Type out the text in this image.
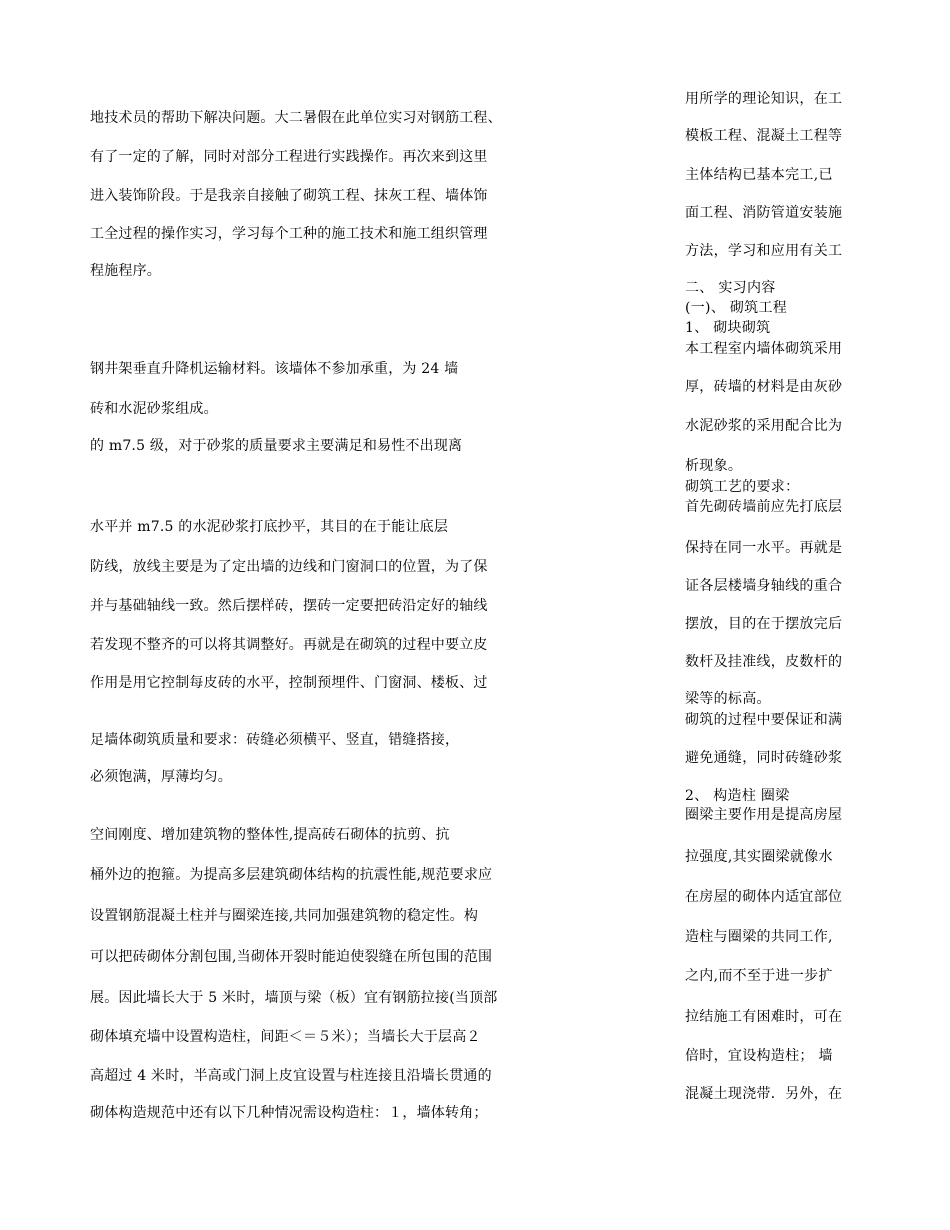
地技术员的帮助下解决问题。大二暑假在此单位实习对钢筋工程、
有了一定的了解，同时对部分工程进行实践操作。再次来到这里
进入装饰阶段。于是我亲自接触了砌筑工程、抹灰工程、墙体饰
工全过程的操作实习，学习每个工种的施工技术和施工组织管理
程施程序。
钢井架垂直升降机运输材料。该墙体不参加承重，为 24 墙
砖和水泥砂浆组成。
的 m7.5 级，对于砂浆的质量要求主要满足和易性不出现离
水平并 m7.5 的水泥砂浆打底抄平，其目的在于能让底层
防线，放线主要是为了定出墙的边线和门窗洞口的位置，为了保
并与基础轴线一致。然后摆样砖，摆砖一定要把砖沿定好的轴线
若发现不整齐的可以将其调整好。再就是在砌筑的过程中要立皮
作用是用它控制每皮砖的水平，控制预埋件、门窗洞、楼板、过
足墙体砌筑质量和要求：砖缝必须横平、竖直，错缝搭接，
必须饱满，厚薄均匀。
空间刚度、增加建筑物的整体性,提高砖石砌体的抗剪、抗
桶外边的抱箍。为提高多层建筑砌体结构的抗震性能,规范要求应
设置钢筋混凝土柱并与圈梁连接,共同加强建筑物的稳定性。构
可以把砖砌体分割包围,当砌体开裂时能迫使裂缝在所包围的范围
展。因此墙长大于 5 米时，墙顶与梁（板）宜有钢筋拉接(当顶部
砌体填充墙中设置构造柱，间距＜＝５米）；当墙长大于层高２
高超过 4 米时，半高或门洞上皮宜设置与柱连接且沿墙长贯通的
砌体构造规范中还有以下几种情况需设构造柱：１，墙体转角；
用所学的理论知识，在工
模板工程、混凝土工程等
主体结构已基本完工,已
面工程、消防管道安装施
方法，学习和应用有关工
二、 实习内容
(一)、 砌筑工程
1、 砌块砌筑
本工程室内墙体砌筑采用
厚，砖墙的材料是由灰砂
水泥砂浆的采用配合比为
析现象。
砌筑工艺的要求：
首先砌砖墙前应先打底层
保持在同一水平。再就是
证各层楼墙身轴线的重合
摆放，目的在于摆放完后
数杆及挂准线，皮数杆的
梁等的标高。
砌筑的过程中要保证和满
避免通缝，同时砖缝砂浆
2、 构造柱 圈梁
圈梁主要作用是提高房屋
拉强度,其实圈梁就像水
在房屋的砌体内适宜部位
造柱与圈梁的共同工作,
之内,而不至于进一步扩
拉结施工有困难时，可在
倍时，宜设构造柱； 墙
混凝土现浇带．另外，在
